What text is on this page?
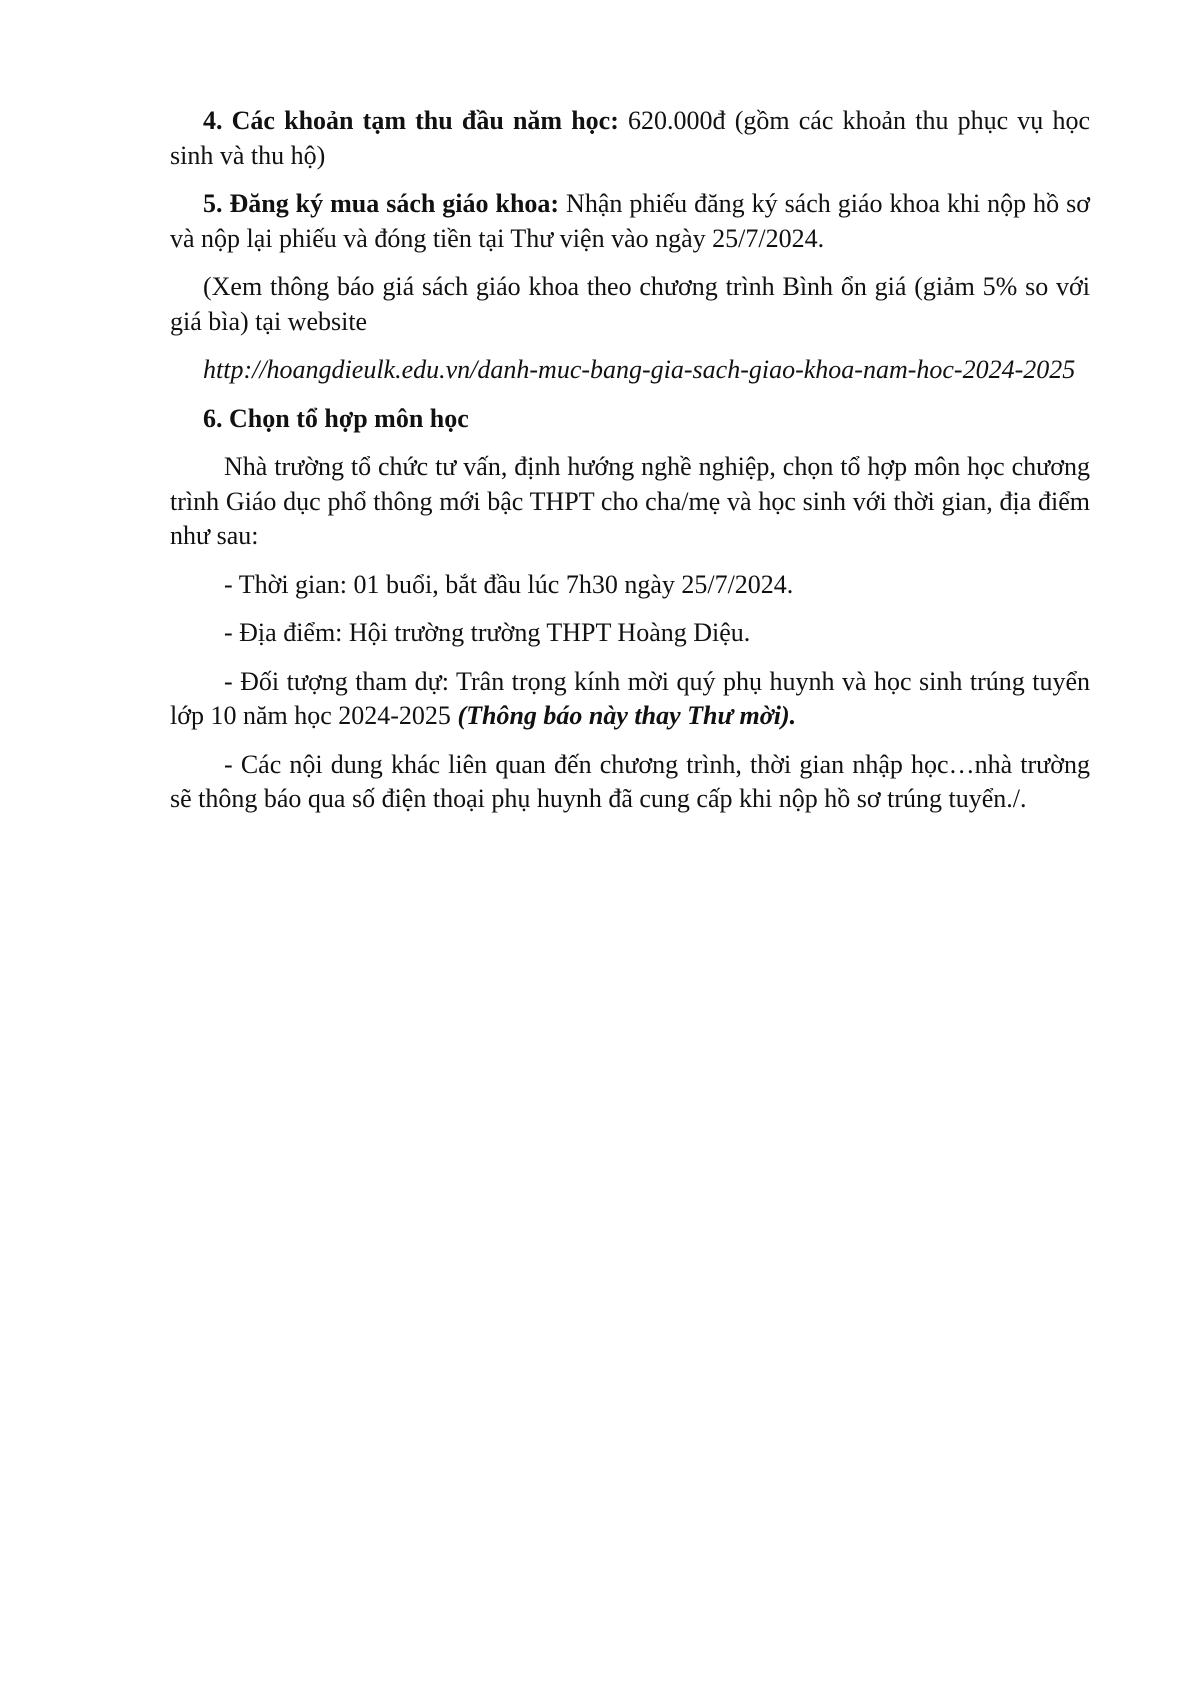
4. Các khoản tạm thu đầu năm học: 620.000đ (gồm các khoản thu phục vụ học sinh và thu hộ)

5. Đăng ký mua sách giáo khoa: Nhận phiếu đăng ký sách giáo khoa khi nộp hồ sơ và nộp lại phiếu và đóng tiền tại Thư viện vào ngày 25/7/2024.

(Xem thông báo giá sách giáo khoa theo chương trình Bình ổn giá (giảm 5% so với giá bìa) tại website

http://hoangdieulk.edu.vn/danh-muc-bang-gia-sach-giao-khoa-nam-hoc-2024-2025

6. Chọn tổ hợp môn học

Nhà trường tổ chức tư vấn, định hướng nghề nghiệp, chọn tổ hợp môn học chương trình Giáo dục phổ thông mới bậc THPT cho cha/mẹ và học sinh với thời gian, địa điểm như sau:

- Thời gian: 01 buổi, bắt đầu lúc 7h30 ngày 25/7/2024.

- Địa điểm: Hội trường trường THPT Hoàng Diệu.

- Đối tượng tham dự: Trân trọng kính mời quý phụ huynh và học sinh trúng tuyển lớp 10 năm học 2024-2025 (Thông báo này thay Thư mời).

- Các nội dung khác liên quan đến chương trình, thời gian nhập học…nhà trường sẽ thông báo qua số điện thoại phụ huynh đã cung cấp khi nộp hồ sơ trúng tuyển./.
